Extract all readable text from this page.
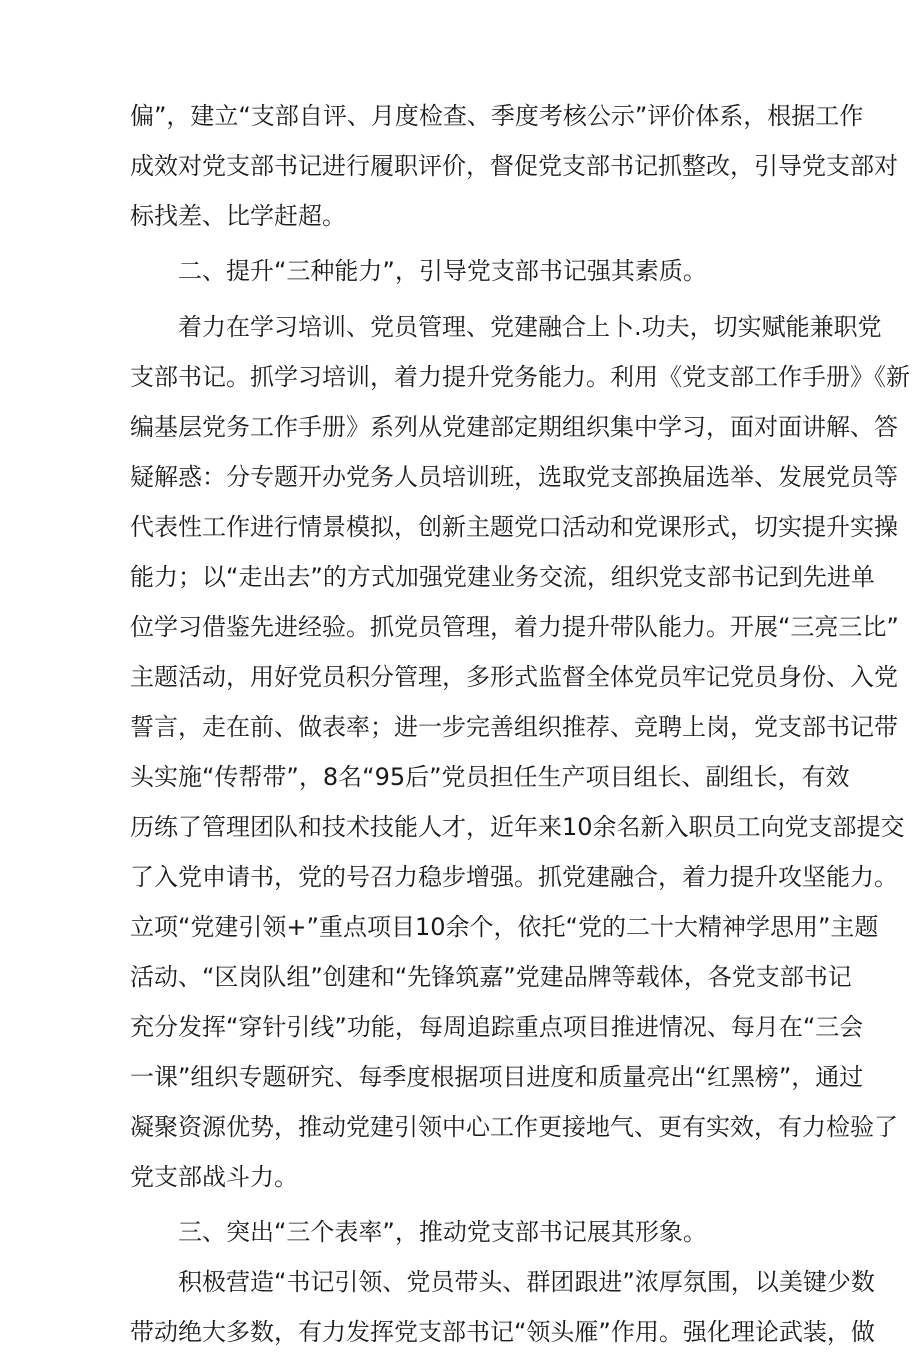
偏”，建立“支部自评、月度检查、季度考核公示”评价体系，根据工作
成效对党支部书记进行履职评价，督促党支部书记抓整改，引导党支部对
标找差、比学赶超。
二、提升“三种能力”，引导党支部书记强其素质。
着力在学习培训、党员管理、党建融合上卜.功夫，切实赋能兼职党
支部书记。抓学习培训，着力提升党务能力。利用《党支部工作手册》《新
编基层党务工作手册》系列从党建部定期组织集中学习，面对面讲解、答
疑解惑：分专题开办党务人员培训班，选取党支部换届选举、发展党员等
代表性工作进行情景模拟，创新主题党口活动和党课形式，切实提升实操
能力；以“走出去”的方式加强党建业务交流，组织党支部书记到先进单
位学习借鉴先进经验。抓党员管理，着力提升带队能力。开展“三亮三比”
主题活动，用好党员积分管理，多形式监督全体党员牢记党员身份、入党
誓言，走在前、做表率；进一步完善组织推荐、竞聘上岗，党支部书记带
头实施“传帮带”，8名“95后”党员担任生产项目组长、副组长，有效
历练了管理团队和技术技能人才，近年来10余名新入职员工向党支部提交
了入党申请书，党的号召力稳步增强。抓党建融合，着力提升攻坚能力。
立项“党建引领+”重点项目10余个，依托“党的二十大精神学思用”主题
活动、“区岗队组”创建和“先锋筑嘉”党建品牌等载体，各党支部书记
充分发挥“穿针引线”功能，每周追踪重点项目推进情况、每月在“三会
一课”组织专题研究、每季度根据项目进度和质量亮出“红黑榜”，通过
凝聚资源优势，推动党建引领中心工作更接地气、更有实效，有力检验了
党支部战斗力。
三、突出“三个表率”，推动党支部书记展其形象。
积极营造“书记引领、党员带头、群团跟进”浓厚氛围，以美键少数
带动绝大多数，有力发挥党支部书记“领头雁”作用。强化理论武装，做
